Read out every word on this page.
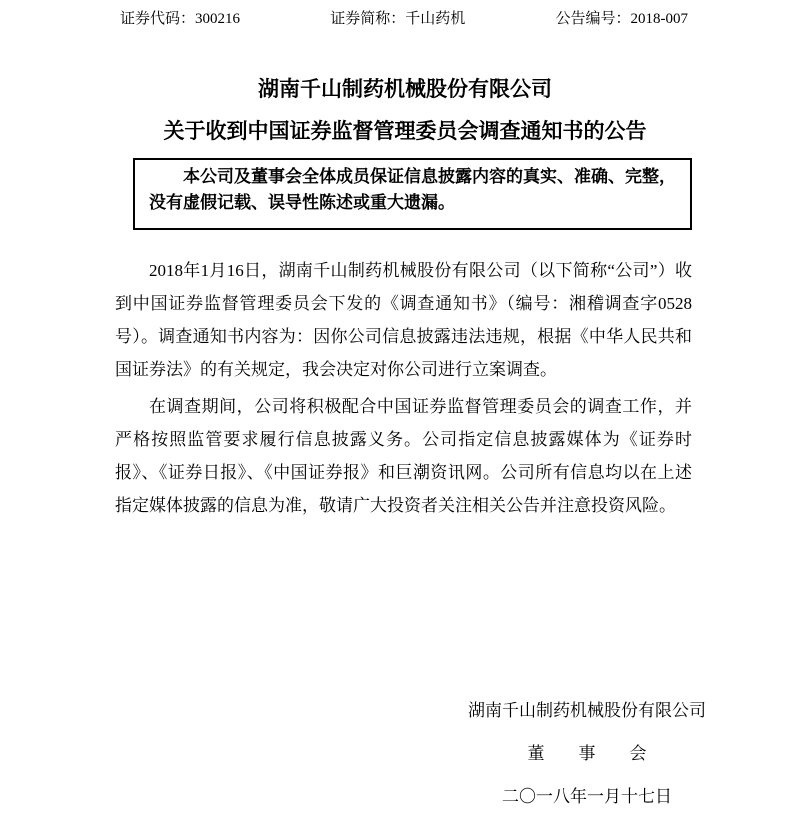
证券代码：300216	证券简称：千山药机	公告编号：2018-007
湖南千山制药机械股份有限公司
关于收到中国证券监督管理委员会调查通知书的公告

本公司及董事会全体成员保证信息披露内容的真实、准确、完整，没有虚假记载、误导性陈述或重大遗漏。

2018年1月16日，湖南千山制药机械股份有限公司（以下简称“公司”）收到中国证券监督管理委员会下发的《调查通知书》（编号：湘稽调查字0528号）。调查通知书内容为：因你公司信息披露违法违规，根据《中华人民共和国证券法》的有关规定，我会决定对你公司进行立案调查。

在调查期间，公司将积极配合中国证券监督管理委员会的调查工作，并严格按照监管要求履行信息披露义务。公司指定信息披露媒体为《证券时报》、《证券日报》、《中国证券报》和巨潮资讯网。公司所有信息均以在上述指定媒体披露的信息为准，敬请广大投资者关注相关公告并注意投资风险。

湖南千山制药机械股份有限公司
董　　事　　会
二〇一八年一月十七日
